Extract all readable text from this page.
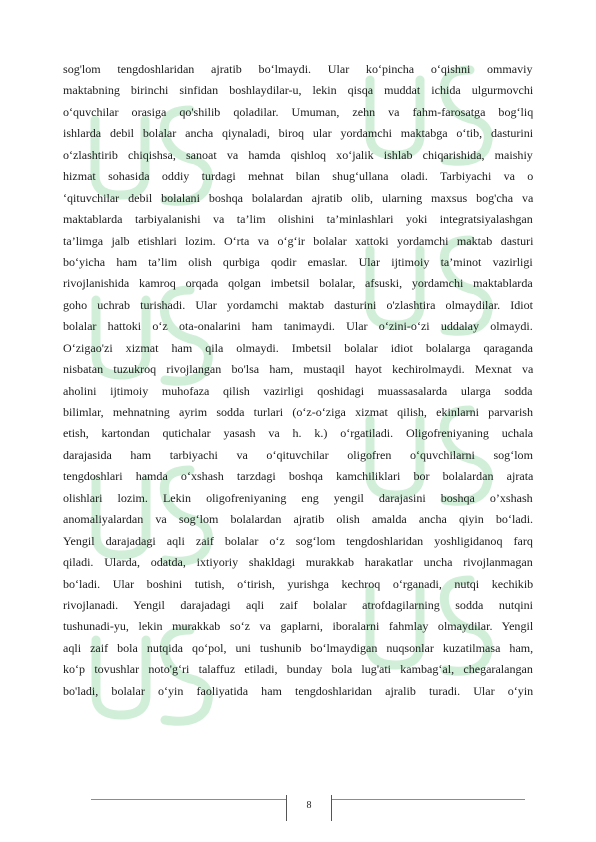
sog'lom tengdoshlaridan ajratib bo‘lmaydi. Ular ko‘pincha o‘qishni ommaviy
maktabning birinchi sinfidan boshlaydilar-u, lekin qisqa muddat ichida ulgurmovchi
o‘quvchilar orasiga qo'shilib qoladilar. Umuman, zehn va fahm-farosatga bog‘liq
ishlarda debil bolalar ancha qiynaladi, biroq ular yordamchi maktabga o‘tib, dasturini
o‘zlashtirib chiqishsa, sanoat va hamda qishloq xo‘jalik ishlab chiqarishida, maishiy
hizmat sohasida oddiy turdagi mehnat bilan shug‘ullana oladi. Tarbiyachi va o
‘qituvchilar debil bolalani boshqa bolalardan ajratib olib, ularning maxsus bog'cha va
maktablarda tarbiyalanishi va ta’lim olishini ta’minlashlari yoki integratsiyalashgan
ta’limga jalb etishlari lozim. O‘rta va o‘g‘ir bolalar xattoki yordamchi maktab dasturi
bo‘yicha ham ta’lim olish qurbiga qodir emaslar. Ular ijtimoiy ta’minot vazirligi
rivojlanishida kamroq orqada qolgan imbetsil bolalar, afsuski, yordamchi maktablarda
goho uchrab turishadi. Ular yordamchi maktab dasturini o'zlashtira olmaydilar. Idiot
bolalar hattoki o‘z ota-onalarini ham tanimaydi. Ular o‘zini-o‘zi uddalay olmaydi.
O‘zigao'zi xizmat ham qila olmaydi. Imbetsil bolalar idiot bolalarga qaraganda
nisbatan tuzukroq rivojlangan bo'lsa ham, mustaqil hayot kechirolmaydi. Mexnat va
aholini ijtimoiy muhofaza qilish vazirligi qoshidagi muassasalarda ularga sodda
bilimlar, mehnatning ayrim sodda turlari (o‘z-o‘ziga xizmat qilish, ekinlarni parvarish
etish, kartondan qutichalar yasash va h. k.) o‘rgatiladi. Oligofreniyaning uchala
darajasida ham tarbiyachi va o‘qituvchilar oligofren o‘quvchilarni sog‘lom
tengdoshlari hamda o‘xshash tarzdagi boshqa kamchiliklari bor bolalardan ajrata
olishlari lozim. Lekin oligofreniyaning eng yengil darajasini boshqa o’xshash
anomaliyalardan va sog‘lom bolalardan ajratib olish amalda ancha qiyin bo‘ladi.
Yengil darajadagi aqli zaif bolalar o‘z sog‘lom tengdoshlaridan yoshligidanoq farq
qiladi. Ularda, odatda, ixtiyoriy shakldagi murakkab harakatlar uncha rivojlanmagan
bo‘ladi. Ular boshini tutish, o‘tirish, yurishga kechroq o‘rganadi, nutqi kechikib
rivojlanadi. Yengil darajadagi aqli zaif bolalar atrofdagilarning sodda nutqini
tushunadi-yu, lekin murakkab so‘z va gaplarni, iboralarni fahmlay olmaydilar. Yengil
aqli zaif bola nutqida qo‘pol, uni tushunib bo‘lmaydigan nuqsonlar kuzatilmasa ham,
ko‘p tovushlar noto'g‘ri talaffuz etiladi, bunday bola lug'ati kambag‘al, chegaralangan
bo'ladi, bolalar o‘yin faoliyatida ham tengdoshlaridan ajralib turadi. Ular o‘yin
8
